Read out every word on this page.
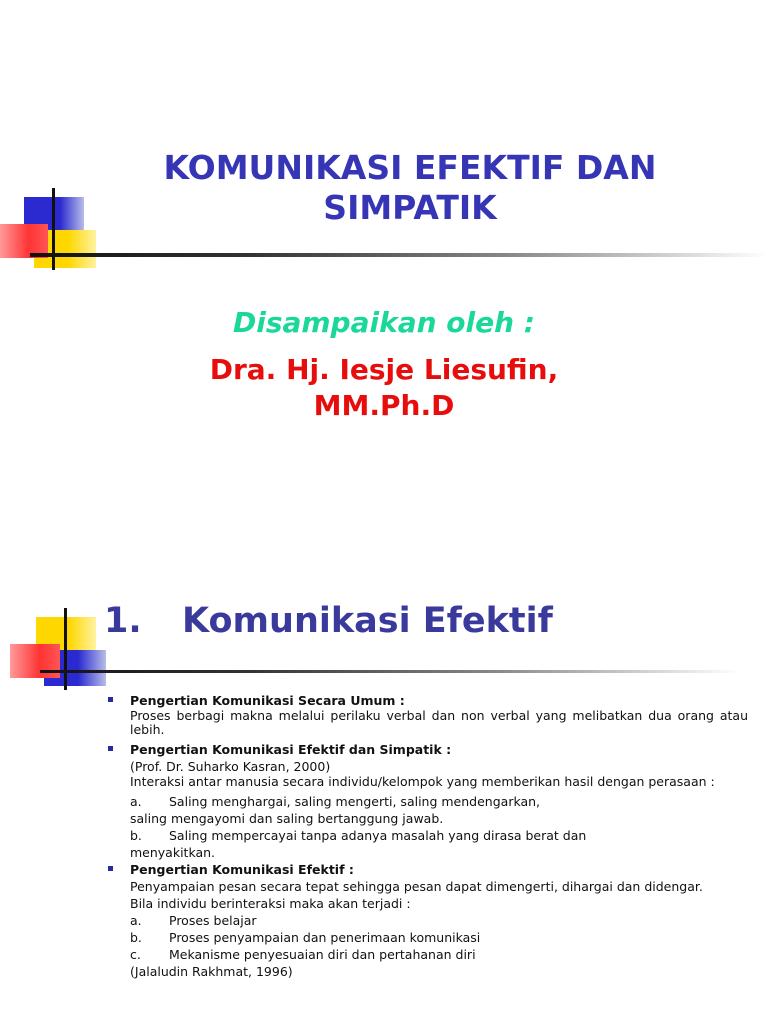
KOMUNIKASI EFEKTIF DAN SIMPATIK
Disampaikan oleh :
Dra. Hj. Iesje Liesufin, MM.Ph.D
1. Komunikasi Efektif
Pengertian Komunikasi Secara Umum :
Proses berbagi makna melalui perilaku verbal dan non verbal yang melibatkan dua orang atau lebih.
Pengertian Komunikasi Efektif dan Simpatik :
(Prof. Dr. Suharko Kasran, 2000)
Interaksi antar manusia secara individu/kelompok yang memberikan hasil dengan perasaan :
a. Saling menghargai, saling mengerti, saling mendengarkan,
saling mengayomi dan saling bertanggung jawab.
b. Saling mempercayai tanpa adanya masalah yang dirasa berat dan
menyakitkan.
Pengertian Komunikasi Efektif :
Penyampaian pesan secara tepat sehingga pesan dapat dimengerti, dihargai dan didengar.
Bila individu berinteraksi maka akan terjadi :
a. Proses belajar
b. Proses penyampaian dan penerimaan komunikasi
c. Mekanisme penyesuaian diri dan pertahanan diri
(Jalaludin Rakhmat, 1996)
